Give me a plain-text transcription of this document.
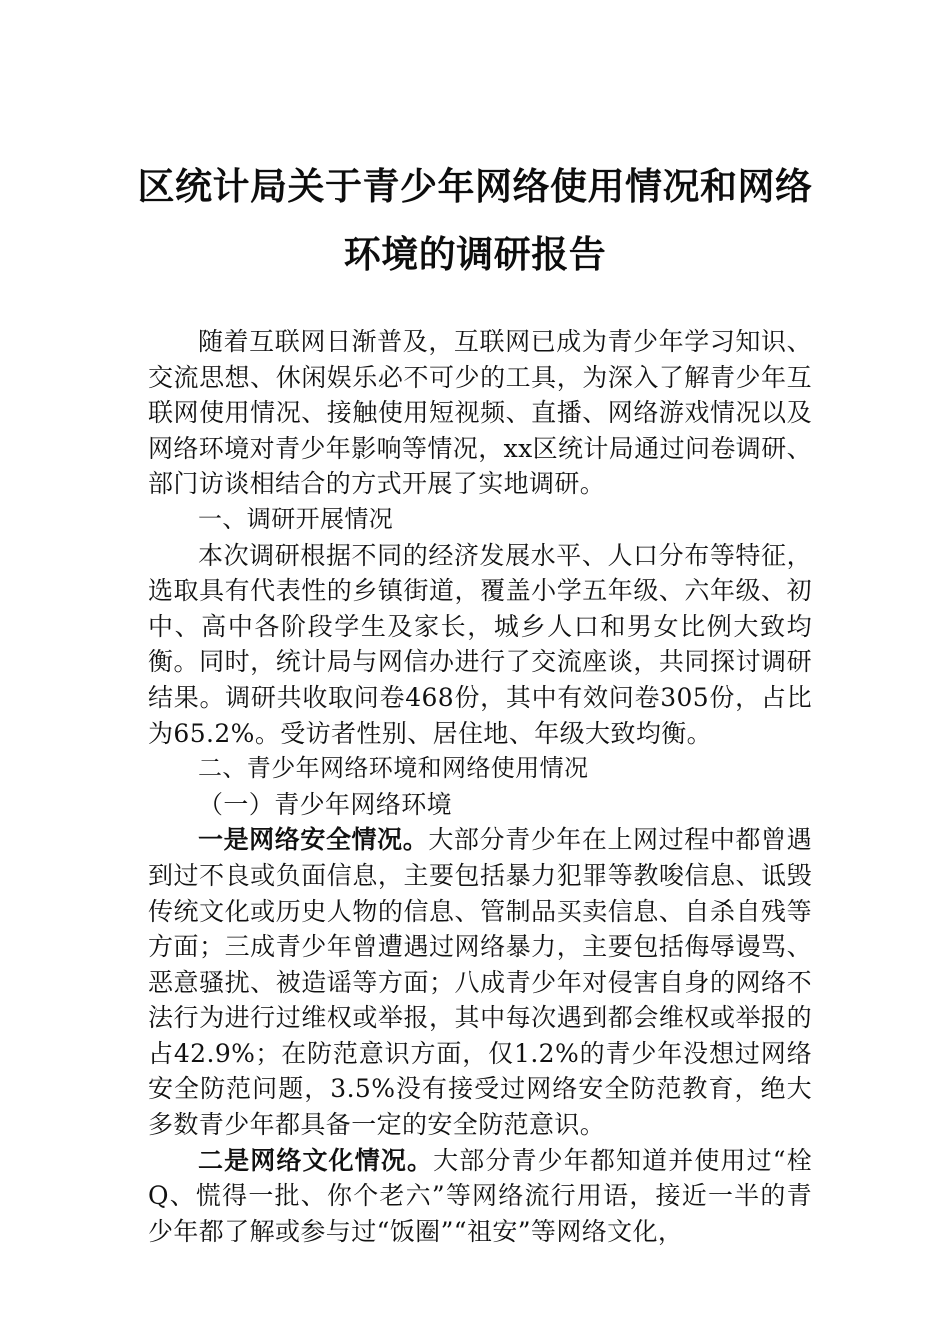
区统计局关于青少年网络使用情况和网络
环境的调研报告

随着互联网日渐普及，互联网已成为青少年学习知识、交流思想、休闲娱乐必不可少的工具，为深入了解青少年互联网使用情况、接触使用短视频、直播、网络游戏情况以及网络环境对青少年影响等情况，xx区统计局通过问卷调研、部门访谈相结合的方式开展了实地调研。

一、调研开展情况

本次调研根据不同的经济发展水平、人口分布等特征，选取具有代表性的乡镇街道，覆盖小学五年级、六年级、初中、高中各阶段学生及家长，城乡人口和男女比例大致均衡。同时，统计局与网信办进行了交流座谈，共同探讨调研结果。调研共收取问卷468份，其中有效问卷305份，占比为65.2%。受访者性别、居住地、年级大致均衡。

二、青少年网络环境和网络使用情况

（一）青少年网络环境

一是网络安全情况。大部分青少年在上网过程中都曾遇到过不良或负面信息，主要包括暴力犯罪等教唆信息、诋毁传统文化或历史人物的信息、管制品买卖信息、自杀自残等方面；三成青少年曾遭遇过网络暴力，主要包括侮辱谩骂、恶意骚扰、被造谣等方面；八成青少年对侵害自身的网络不法行为进行过维权或举报，其中每次遇到都会维权或举报的占42.9%；在防范意识方面，仅1.2%的青少年没想过网络安全防范问题，3.5%没有接受过网络安全防范教育，绝大多数青少年都具备一定的安全防范意识。

二是网络文化情况。大部分青少年都知道并使用过“栓Q、慌得一批、你个老六”等网络流行用语，接近一半的青少年都了解或参与过“饭圈”“祖安”等网络文化，
